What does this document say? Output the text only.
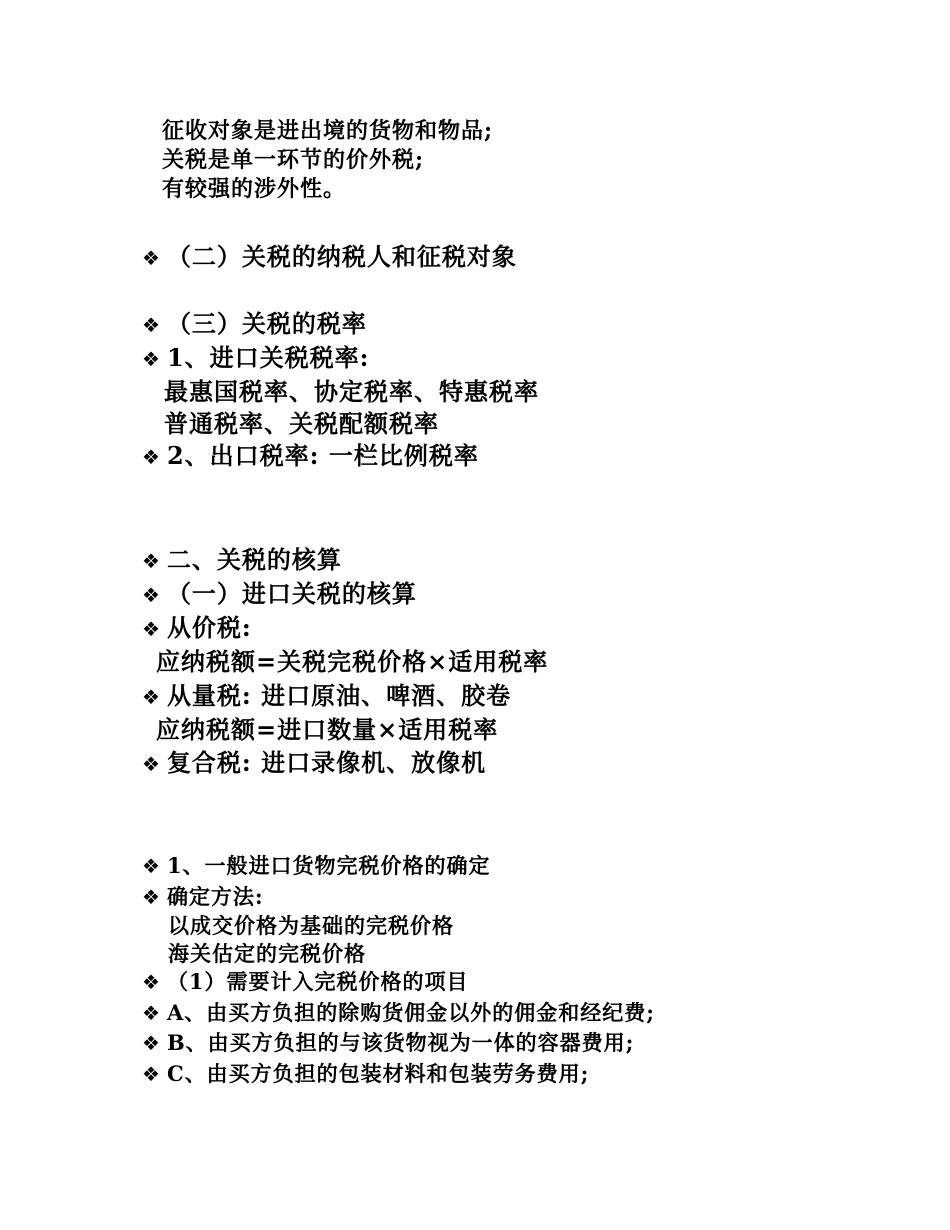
征收对象是进出境的货物和物品;
关税是单一环节的价外税;
有较强的涉外性。
❖ （二）关税的纳税人和征税对象
❖ （三）关税的税率
❖ 1、进口关税税率:
最惠国税率、协定税率、特惠税率
普通税率、关税配额税率
❖ 2、出口税率: 一栏比例税率
❖ 二、关税的核算
❖ （一）进口关税的核算
❖ 从价税:
应纳税额=关税完税价格×适用税率
❖ 从量税: 进口原油、啤酒、胶卷
应纳税额=进口数量×适用税率
❖ 复合税: 进口录像机、放像机
❖ 1、一般进口货物完税价格的确定
❖ 确定方法:
以成交价格为基础的完税价格
海关估定的完税价格
❖ （1）需要计入完税价格的项目
❖ A、由买方负担的除购货佣金以外的佣金和经纪费;
❖ B、由买方负担的与该货物视为一体的容器费用;
❖ C、由买方负担的包装材料和包装劳务费用;
